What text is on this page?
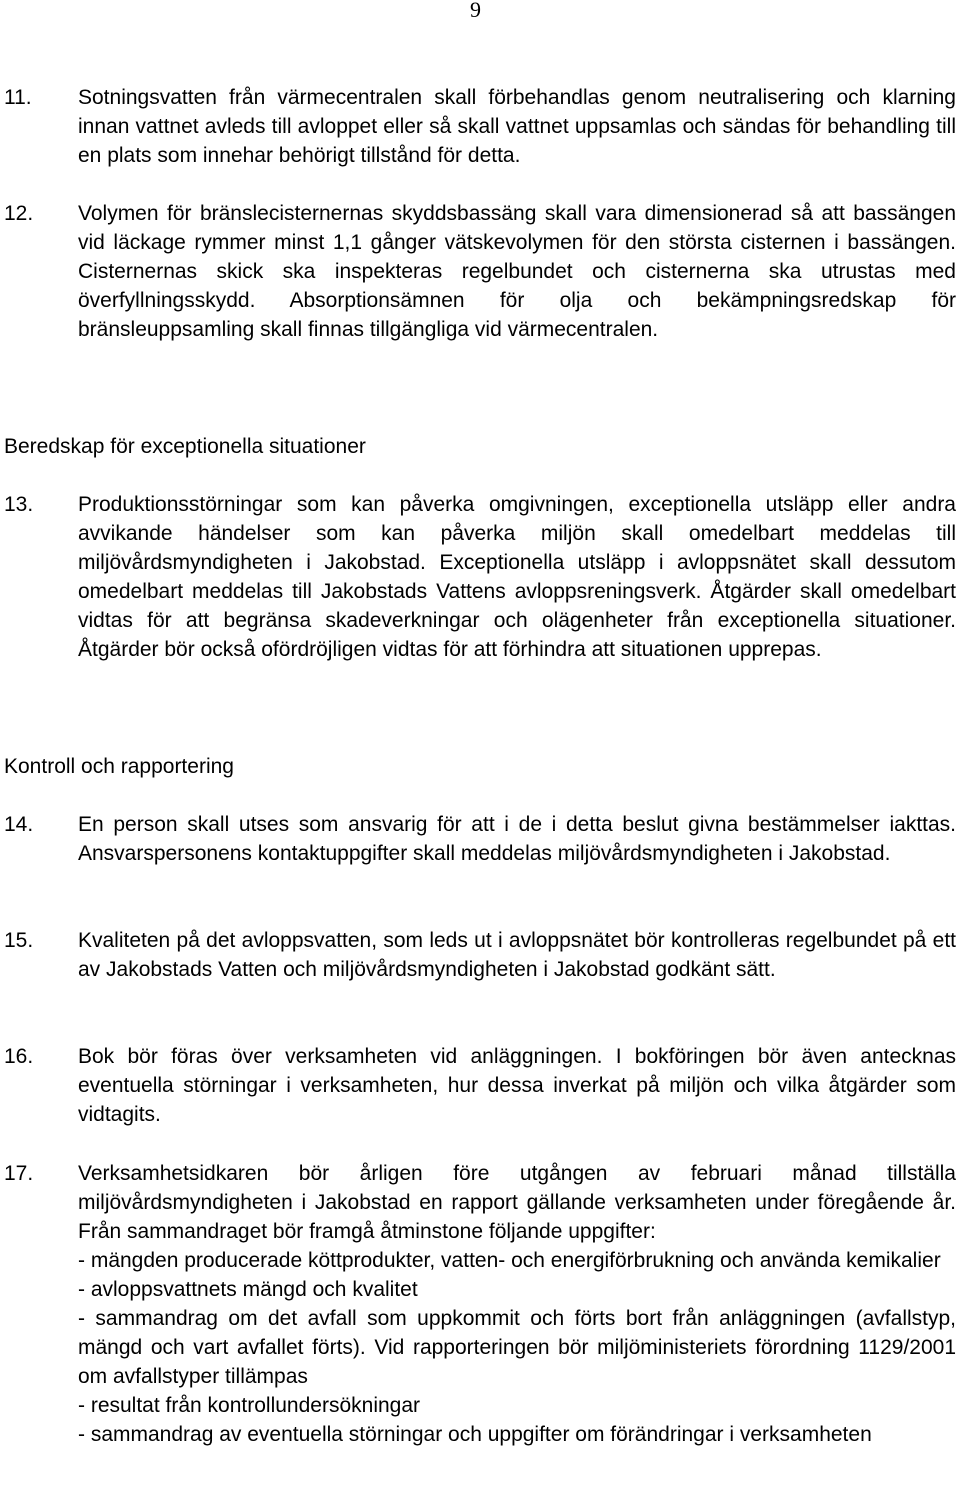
9
11. Sotningsvatten från värmecentralen skall förbehandlas genom neutralisering och klarning innan vattnet avleds till avloppet eller så skall vattnet uppsamlas och sändas för behandling till en plats som innehar behörigt tillstånd för detta.
12. Volymen för bränslecisternernas skyddsbassäng skall vara dimensionerad så att bassängen vid läckage rymmer minst 1,1 gånger vätskevolymen för den största cisternen i bassängen. Cisternernas skick ska inspekteras regelbundet och cisternerna ska utrustas med överfyllningsskydd. Absorptionsämnen för olja och bekämpningsredskap för bränsleuppsamling skall finnas tillgängliga vid värmecentralen.
Beredskap för exceptionella situationer
13. Produktionsstörningar som kan påverka omgivningen, exceptionella utsläpp eller andra avvikande händelser som kan påverka miljön skall omedelbart meddelas till miljövårdsmyndigheten i Jakobstad. Exceptionella utsläpp i avloppsnätet skall dessutom omedelbart meddelas till Jakobstads Vattens avloppsreningsverk. Åtgärder skall omedelbart vidtas för att begränsa skadeverkningar och olägenheter från exceptionella situationer. Åtgärder bör också ofördröjligen vidtas för att förhindra att situationen upprepas.
Kontroll och rapportering
14. En person skall utses som ansvarig för att i de i detta beslut givna bestämmelser iakttas. Ansvarspersonens kontaktuppgifter skall meddelas miljövårdsmyndigheten i Jakobstad.
15. Kvaliteten på det avloppsvatten, som leds ut i avloppsnätet bör kontrolleras regelbundet på ett av Jakobstads Vatten och miljövårdsmyndigheten i Jakobstad godkänt sätt.
16. Bok bör föras över verksamheten vid anläggningen. I bokföringen bör även antecknas eventuella störningar i verksamheten, hur dessa inverkat på miljön och vilka åtgärder som vidtagits.
17. Verksamhetsidkaren bör årligen före utgången av februari månad tillställa miljövårdsmyndigheten i Jakobstad en rapport gällande verksamheten under föregående år. Från sammandraget bör framgå åtminstone följande uppgifter:
- mängden producerade köttprodukter, vatten- och energiförbrukning och använda kemikalier
- avloppsvattnets mängd och kvalitet
- sammandrag om det avfall som uppkommit och förts bort från anläggningen (avfallstyp, mängd och vart avfallet förts). Vid rapporteringen bör miljöministeriets förordning 1129/2001 om avfallstyper tillämpas
- resultat från kontrollundersökningar
- sammandrag av eventuella störningar och uppgifter om förändringar i verksamheten
